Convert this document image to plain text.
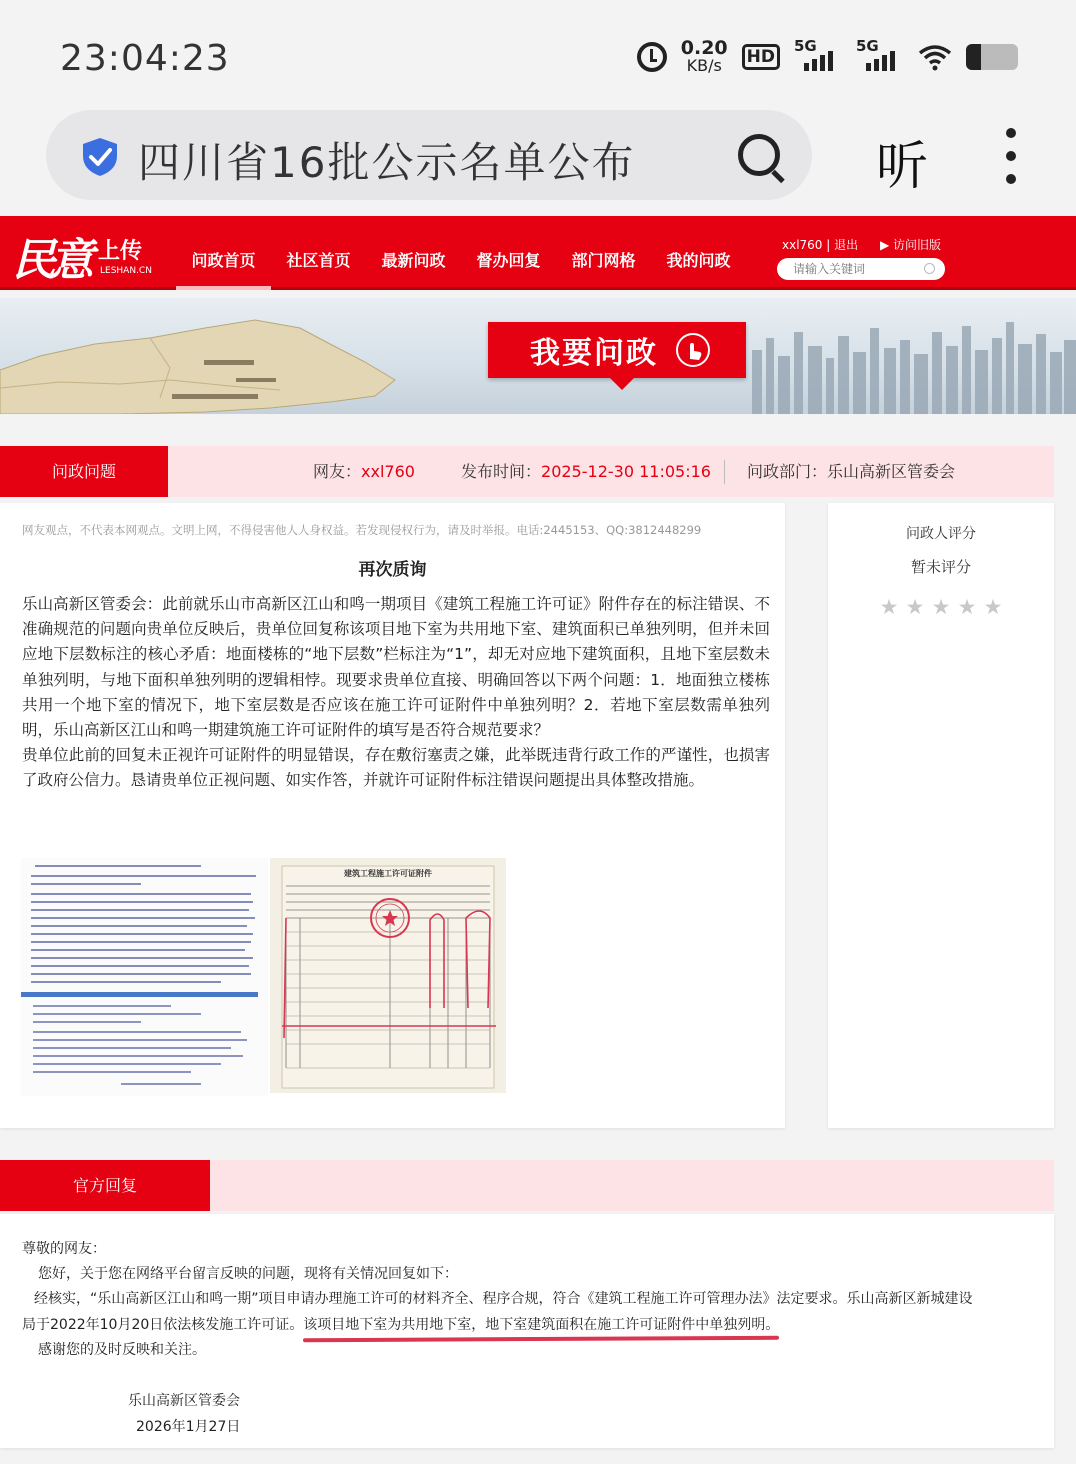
23:04:23	0.20
KB/s HD
5G	5G
四川省16批公示名单公布	听
民意 上传
LESHAN.CN
问政首页	社区首页	最新问政	督办回复	部门网格	我的问政
xxl760 | 退出 ▶ 访问旧版
请输入关键词
我要问政
问政问题	网友：xxl760	发布时间：2025-12-30 11:05:16 问政部门：乐山高新区管委会
网友观点，不代表本网观点。文明上网，不得侵害他人人身权益。若发现侵权行为，请及时举报。电话:2445153、QQ:3812448299
再次质询

乐山高新区管委会：此前就乐山市高新区江山和鸣一期项目《建筑工程施工许可证》附件存在的标注错误、不准确规范的问题向贵单位反映后，贵单位回复称该项目地下室为共用地下室、建筑面积已单独列明，但并未回应地下层数标注的核心矛盾：地面楼栋的“地下层数”栏标注为“1”，却无对应地下建筑面积，且地下室层数未单独列明，与地下面积单独列明的逻辑相悖。现要求贵单位直接、明确回答以下两个问题：1．地面独立楼栋共用一个地下室的情况下，地下室层数是否应该在施工许可证附件中单独列明？2．若地下室层数需单独列明，乐山高新区江山和鸣一期建筑施工许可证附件的填写是否符合规范要求？

贵单位此前的回复未正视许可证附件的明显错误，存在敷衍塞责之嫌，此举既违背行政工作的严谨性，也损害了政府公信力。恳请贵单位正视问题、如实作答，并就许可证附件标注错误问题提出具体整改措施。

建筑工程施工许可证附件
问政人评分
暂未评分
★ ★ ★ ★ ★
官方回复
尊敬的网友：
您好，关于您在网络平台留言反映的问题，现将有关情况回复如下：
经核实，“乐山高新区江山和鸣一期”项目申请办理施工许可的材料齐全、程序合规，符合《建筑工程施工许可管理办法》法定要求。乐山高新区新城建设
局于2022年10月20日依法核发施工许可证。该项目地下室为共用地下室，地下室建筑面积在施工许可证附件中单独列明。
感谢您的及时反映和关注。
乐山高新区管委会
2026年1月27日
